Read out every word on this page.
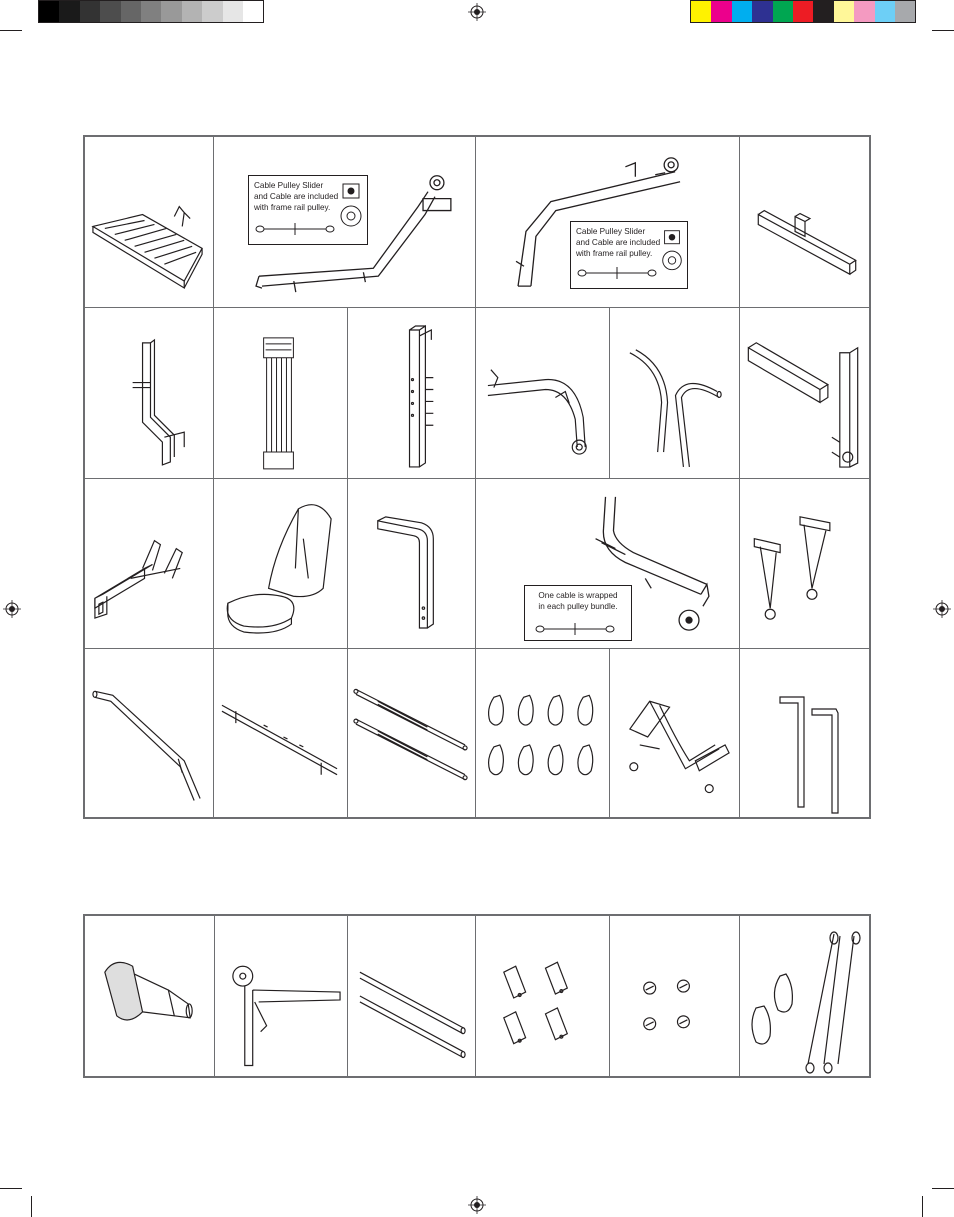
Cable Pulley Slider
and Cable are included
with frame rail pulley.
Cable Pulley Slider
and Cable are included
with frame rail pulley.
One cable is wrapped
in each pulley bundle.
